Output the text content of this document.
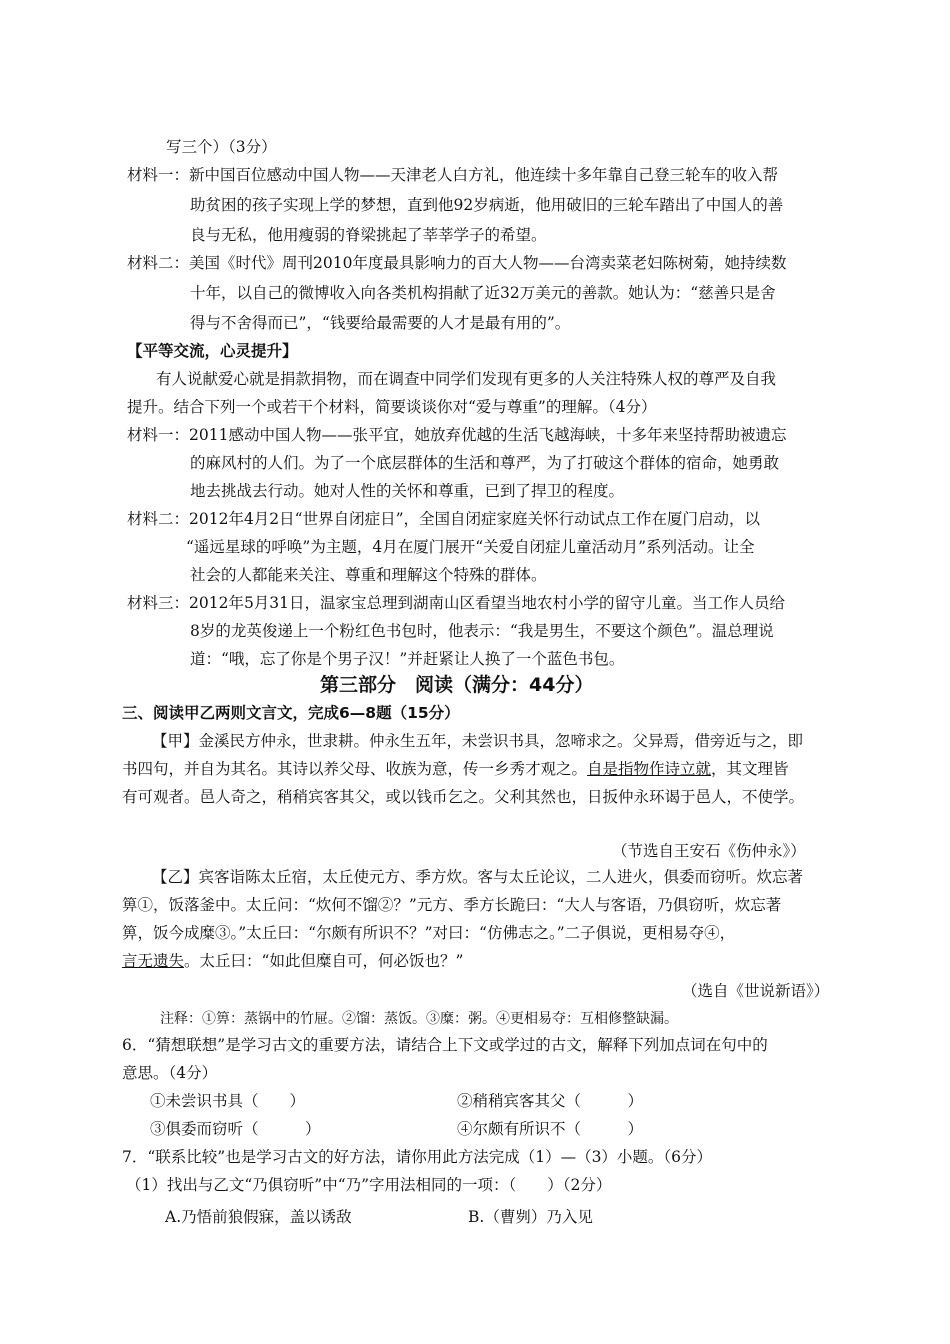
写三个）（3分）
材料一：新中国百位感动中国人物——天津老人白方礼，他连续十多年靠自己登三轮车的收入帮
助贫困的孩子实现上学的梦想，直到他92岁病逝，他用破旧的三轮车踏出了中国人的善
良与无私，他用瘦弱的脊梁挑起了莘莘学子的希望。
材料二：美国《时代》周刊2010年度最具影响力的百大人物——台湾卖菜老妇陈树菊，她持续数
十年，以自己的微博收入向各类机构捐献了近32万美元的善款。她认为：“慈善只是舍
得与不舍得而已”，“钱要给最需要的人才是最有用的”。
【平等交流，心灵提升】
有人说献爱心就是捐款捐物，而在调查中同学们发现有更多的人关注特殊人权的尊严及自我
提升。结合下列一个或若干个材料，简要谈谈你对“爱与尊重”的理解。（4分）
材料一：2011感动中国人物——张平宜，她放弃优越的生活飞越海峡，十多年来坚持帮助被遗忘
的麻风村的人们。为了一个底层群体的生活和尊严，为了打破这个群体的宿命，她勇敢
地去挑战去行动。她对人性的关怀和尊重，已到了捍卫的程度。
材料二：2012年4月2日“世界自闭症日”，全国自闭症家庭关怀行动试点工作在厦门启动，以
“遥远星球的呼唤”为主题，4月在厦门展开“关爱自闭症儿童活动月”系列活动。让全
社会的人都能来关注、尊重和理解这个特殊的群体。
材料三：2012年5月31日，温家宝总理到湖南山区看望当地农村小学的留守儿童。当工作人员给
8岁的龙英俊递上一个粉红色书包时，他表示：“我是男生，不要这个颜色”。温总理说
道：“哦，忘了你是个男子汉！”并赶紧让人换了一个蓝色书包。
第三部分　阅读（满分：44分）
三、阅读甲乙两则文言文，完成6—8题（15分）
【甲】金溪民方仲永，世隶耕。仲永生五年，未尝识书具，忽啼求之。父异焉，借旁近与之，即
书四句，并自为其名。其诗以养父母、收族为意，传一乡秀才观之。自是指物作诗立就，其文理皆
有可观者。邑人奇之，稍稍宾客其父，或以钱币乞之。父利其然也，日扳仲永环谒于邑人，不使学。
（节选自王安石《伤仲永》）
【乙】宾客诣陈太丘宿，太丘使元方、季方炊。客与太丘论议，二人进火，俱委而窃听。炊忘著
箅①，饭落釜中。太丘问：“炊何不馏②？”元方、季方长跪曰：“大人与客语，乃俱窃听，炊忘著
箅，饭今成糜③。”太丘曰：“尔颇有所识不？”对曰：“仿佛志之。”二子俱说，更相易夺④，
言无遗失。太丘曰：“如此但糜自可，何必饭也？”
（选自《世说新语》）
注释：①箅：蒸锅中的竹屉。②馏：蒸饭。③糜：粥。④更相易夺：互相修整缺漏。
6．“猜想联想”是学习古文的重要方法，请结合上下文或学过的古文，解释下列加点词在句中的
意思。（4分）
①未尝识书具（　　）	②稍稍宾客其父（　　　）
③俱委而窃听（　　　）	④尔颇有所识不（　　　）
7．“联系比较”也是学习古文的好方法，请你用此方法完成（1）—（3）小题。（6分）
（1）找出与乙文“乃俱窃听”中“乃”字用法相同的一项：（　　）（2分）
A.乃悟前狼假寐，盖以诱敌	B.（曹刿）乃入见
